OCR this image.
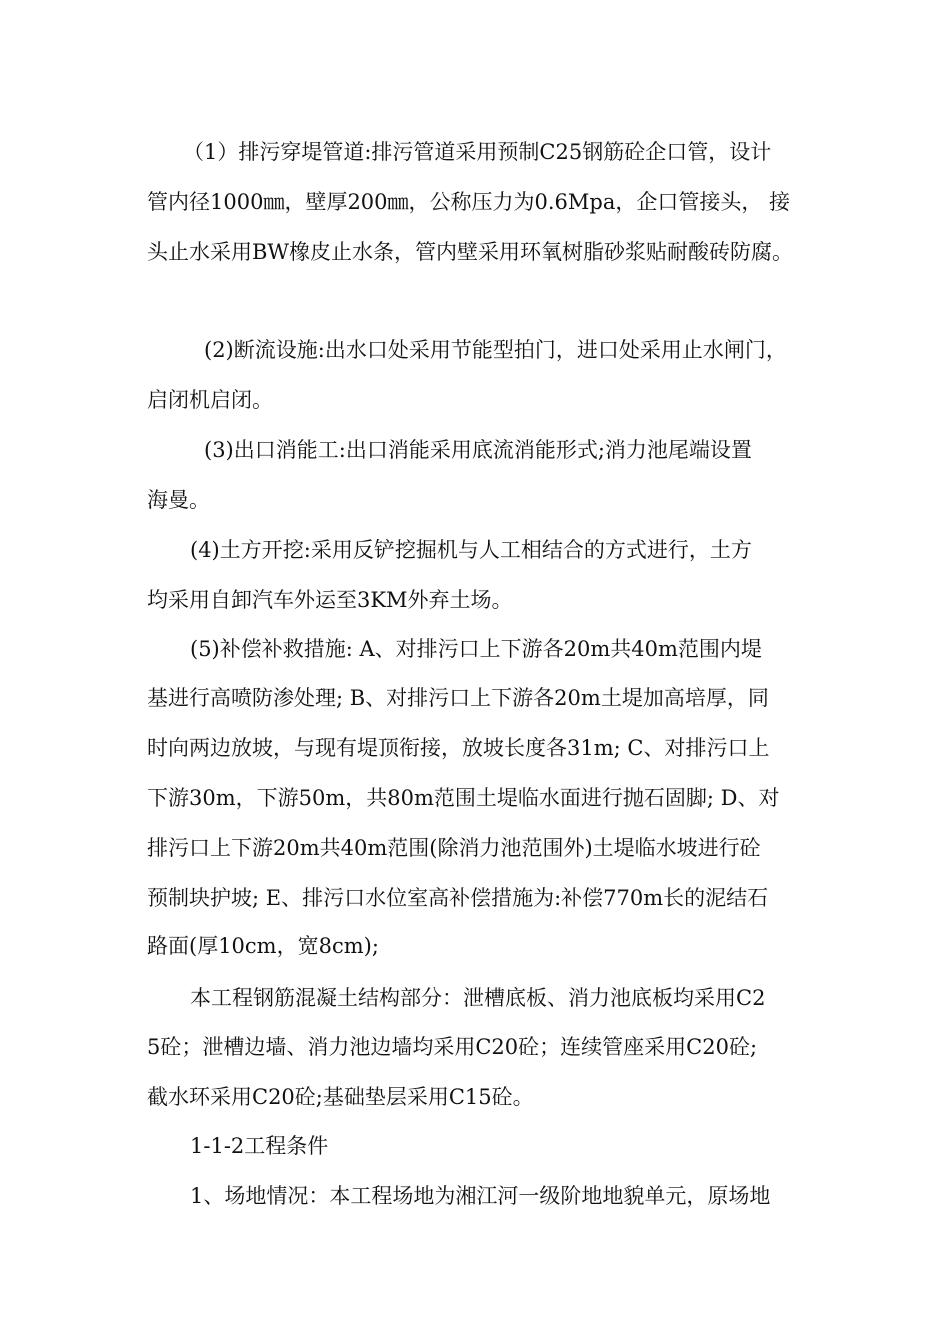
（1）排污穿堤管道:排污管道采用预制C25钢筋砼企口管，设计
管内径1000㎜，壁厚200㎜，公称压力为0.6Mpa，企口管接头， 接
头止水采用BW橡皮止水条，管内壁采用环氧树脂砂浆贴耐酸砖防腐。
(2)断流设施:出水口处采用节能型拍门，进口处采用止水闸门，
启闭机启闭。
(3)出口消能工:出口消能采用底流消能形式;消力池尾端设置
海曼。
(4)土方开挖:采用反铲挖掘机与人工相结合的方式进行，土方
均采用自卸汽车外运至3KM外弃土场。
(5)补偿补救措施: A、对排污口上下游各20m共40m范围内堤
基进行高喷防渗处理; B、对排污口上下游各20m土堤加高培厚，同
时向两边放坡，与现有堤顶衔接，放坡长度各31m; C、对排污口上
下游30m，下游50m，共80m范围土堤临水面进行抛石固脚; D、对
排污口上下游20m共40m范围(除消力池范围外)土堤临水坡进行砼
预制块护坡; E、排污口水位室高补偿措施为:补偿770m长的泥结石
路面(厚10cm，宽8cm);
本工程钢筋混凝土结构部分：泄槽底板、消力池底板均采用C2
5砼；泄槽边墙、消力池边墙均采用C20砼；连续管座采用C20砼;
截水环采用C20砼;基础垫层采用C15砼。
1-1-2工程条件
1、场地情况：本工程场地为湘江河一级阶地地貌单元，原场地
